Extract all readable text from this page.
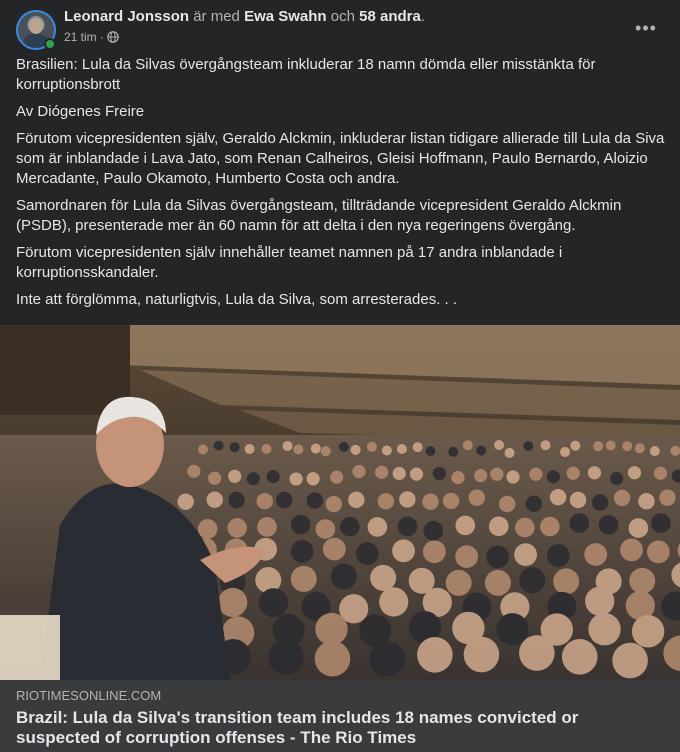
Leonard Jonsson är med Ewa Swahn och 58 andra.
21 tim ·	•••

Brasilien: Lula da Silvas övergångsteam inkluderar 18 namn dömda eller misstänkta för korruptionsbrott

Av Diógenes Freire

Förutom vicepresidenten själv, Geraldo Alckmin, inkluderar listan tidigare allierade till Lula da Siva som är inblandade i Lava Jato, som Renan Calheiros, Gleisi Hoffmann, Paulo Bernardo, Aloizio Mercadante, Paulo Okamoto, Humberto Costa och andra.

Samordnaren för Lula da Silvas övergångsteam, tillträdande vicepresident Geraldo Alckmin (PSDB), presenterade mer än 60 namn för att delta i den nya regeringens övergång.

Förutom vicepresidenten själv innehåller teamet namnen på 17 andra inblandade i korruptionsskandaler.

Inte att förglömma, naturligtvis, Lula da Silva, som arresterades. . .

RIOTIMESONLINE.COM
Brazil: Lula da Silva's transition team includes 18 names convicted or suspected of corruption offenses - The Rio Times
